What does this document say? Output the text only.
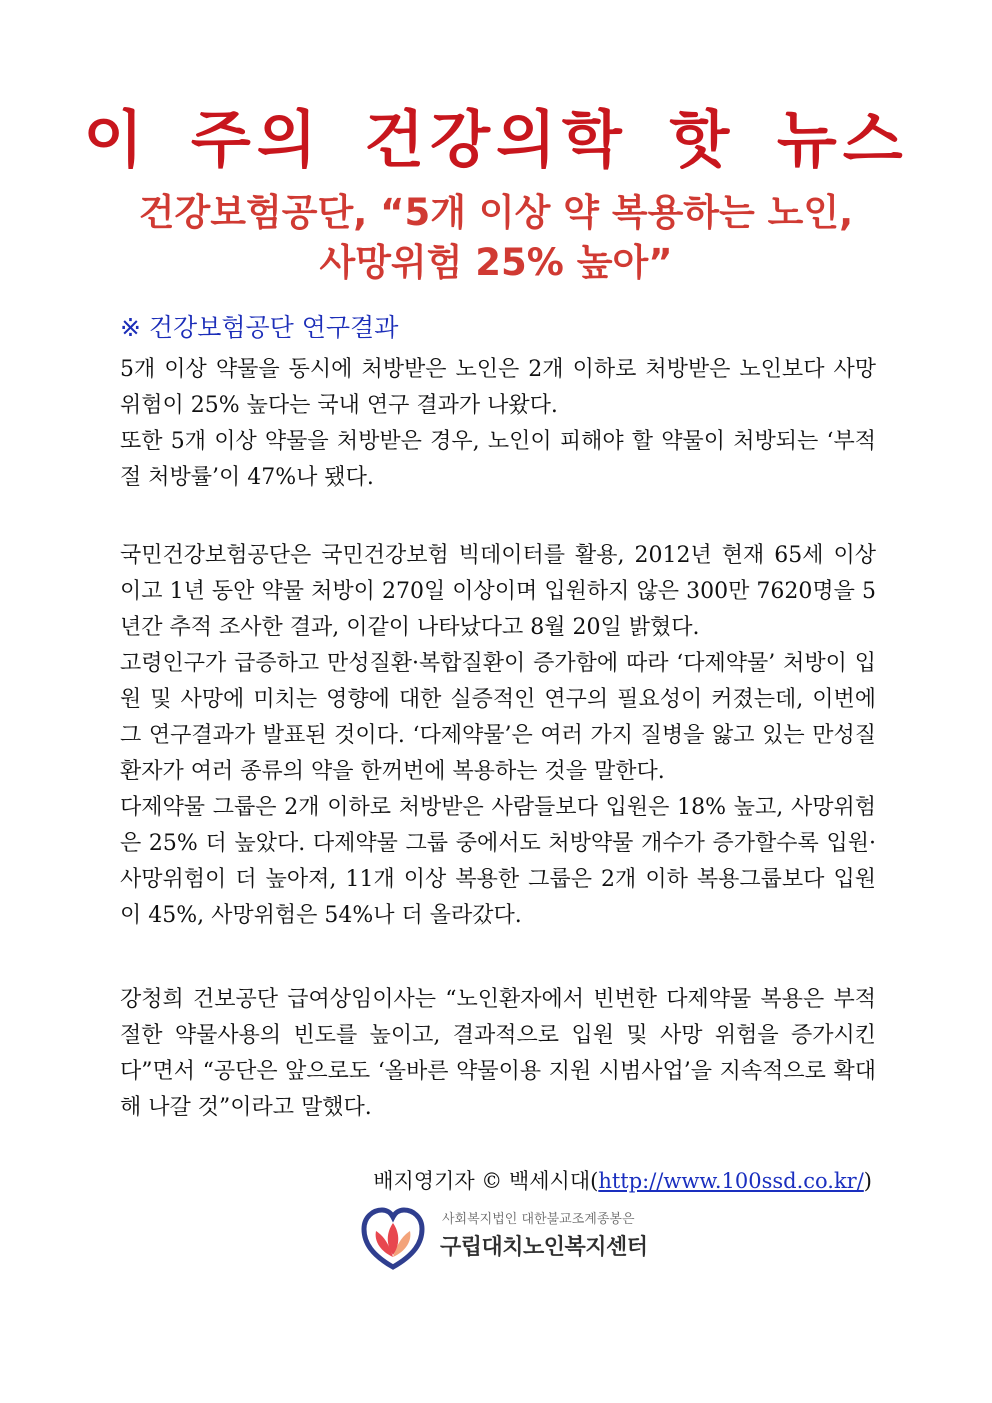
이 주의 건강의학 핫 뉴스
건강보험공단, “5개 이상 약 복용하는 노인,
사망위험 25% 높아”
※ 건강보험공단 연구결과

5개 이상 약물을 동시에 처방받은 노인은 2개 이하로 처방받은 노인보다 사망 위험이 25% 높다는 국내 연구 결과가 나왔다.

또한 5개 이상 약물을 처방받은 경우, 노인이 피해야 할 약물이 처방되는 ‘부적절 처방률’이 47%나 됐다.

국민건강보험공단은 국민건강보험 빅데이터를 활용, 2012년 현재 65세 이상이고 1년 동안 약물 처방이 270일 이상이며 입원하지 않은 300만 7620명을 5년간 추적 조사한 결과, 이같이 나타났다고 8월 20일 밝혔다.

고령인구가 급증하고 만성질환·복합질환이 증가함에 따라 ‘다제약물’ 처방이 입원 및 사망에 미치는 영향에 대한 실증적인 연구의 필요성이 커졌는데, 이번에 그 연구결과가 발표된 것이다. ‘다제약물’은 여러 가지 질병을 앓고 있는 만성질환자가 여러 종류의 약을 한꺼번에 복용하는 것을 말한다.

다제약물 그룹은 2개 이하로 처방받은 사람들보다 입원은 18% 높고, 사망위험은 25% 더 높았다. 다제약물 그룹 중에서도 처방약물 개수가 증가할수록 입원·사망위험이 더 높아져, 11개 이상 복용한 그룹은 2개 이하 복용그룹보다 입원이 45%, 사망위험은 54%나 더 올라갔다.

강청희 건보공단 급여상임이사는 “노인환자에서 빈번한 다제약물 복용은 부적절한 약물사용의 빈도를 높이고, 결과적으로 입원 및 사망 위험을 증가시킨다”면서 “공단은 앞으로도 ‘올바른 약물이용 지원 시범사업’을 지속적으로 확대해 나갈 것”이라고 말했다.

배지영기자 © 백세시대(http://www.100ssd.co.kr/)
사회복지법인 대한불교조계종봉은
구립대치노인복지센터
